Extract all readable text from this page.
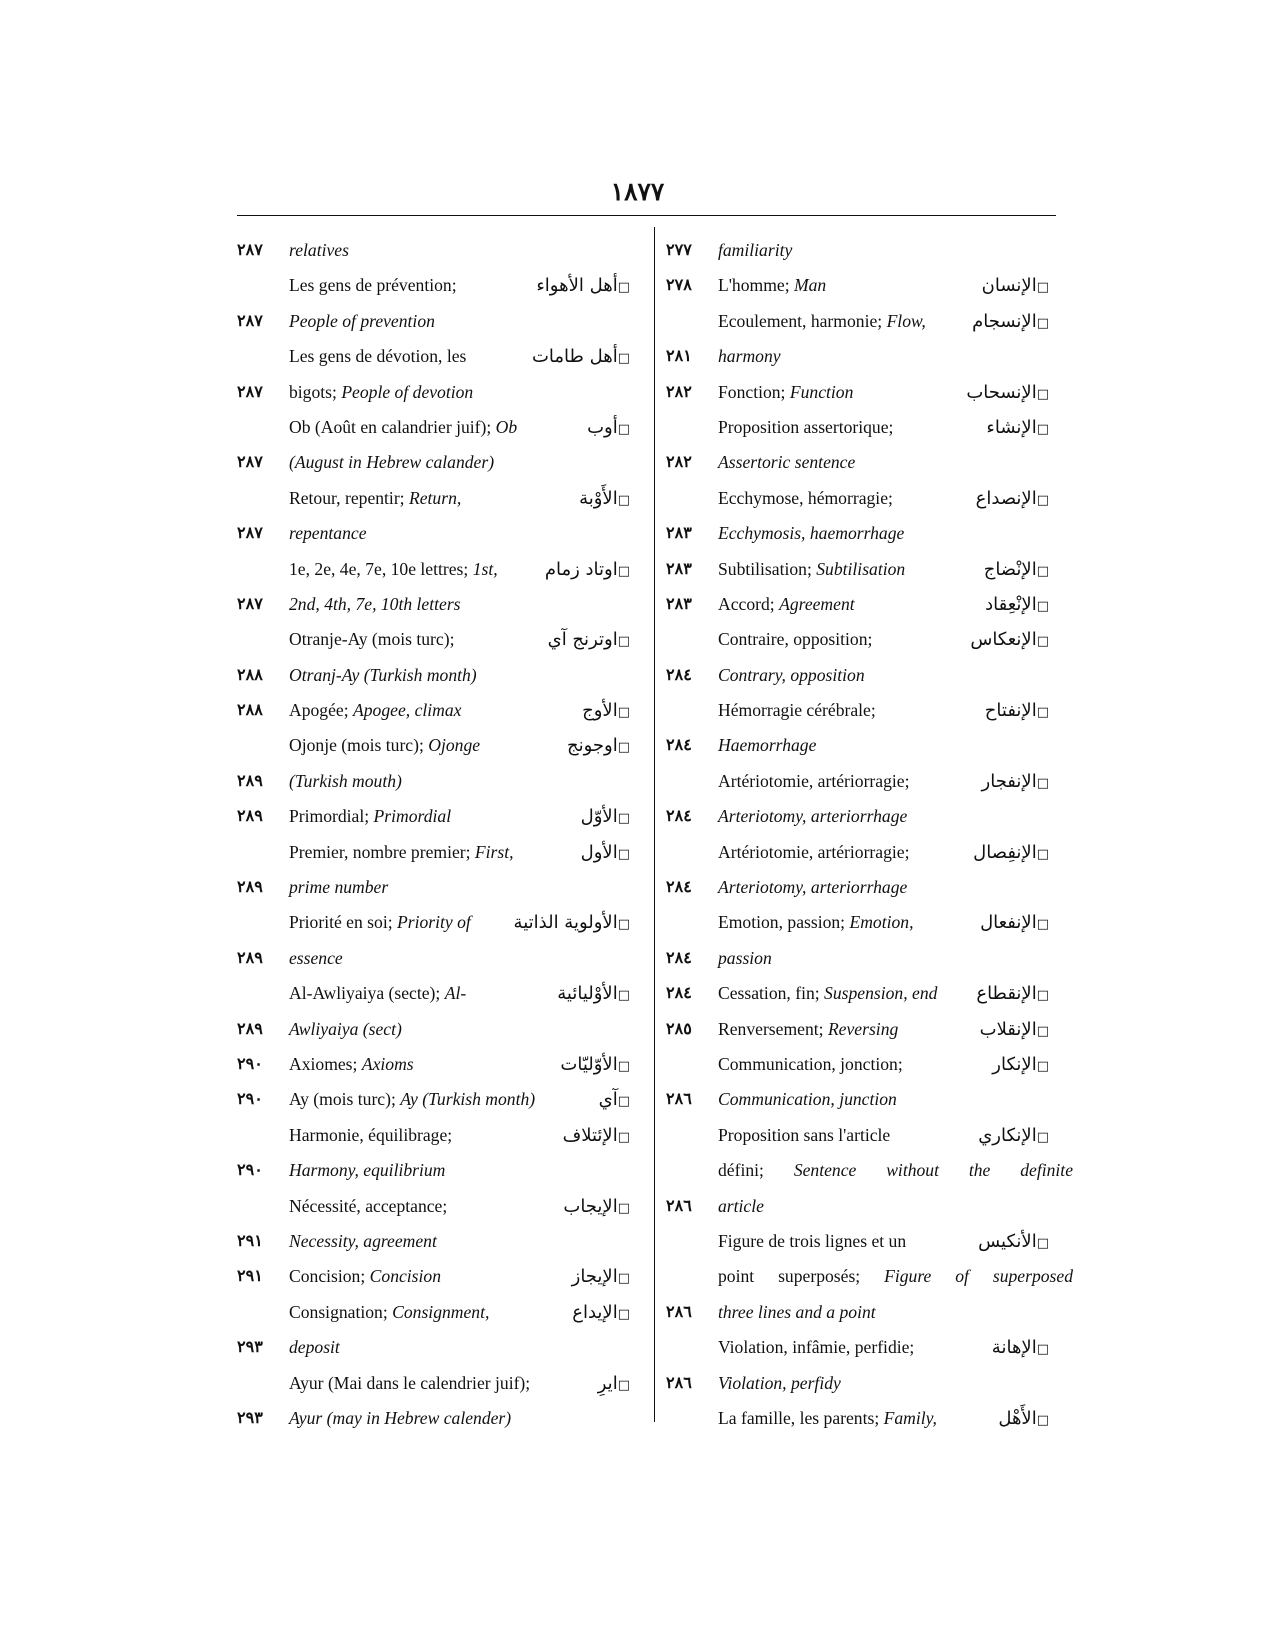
١٨٧٧
٢٨٧	relatives
Les gens de prévention;	□أهل الأهواء
٢٨٧	People of prevention
Les gens de dévotion, les	□أهل طامات
٢٨٧	bigots; People of devotion
Ob (Août en calandrier juif); Ob	□أوب
٢٨٧	(August in Hebrew calander)
Retour, repentir; Return,	□الأَوْبة
٢٨٧	repentance
1e, 2e, 4e, 7e, 10e lettres; 1st,	□اوتاد زمام
٢٨٧	2nd, 4th, 7e, 10th letters
Otranje-Ay (mois turc);	□اوترنج آي
٢٨٨	Otranj-Ay (Turkish month)
٢٨٨	Apogée; Apogee, climax	□الأوج
Ojonje (mois turc); Ojonge	□اوجونج
٢٨٩	(Turkish mouth)
٢٨٩	Primordial; Primordial	□الأوّل
Premier, nombre premier; First,	□الأول
٢٨٩	prime number
Priorité en soi; Priority of	□الأولوية الذاتية
٢٨٩	essence
Al-Awliyaiya (secte); Al-	□الأوْليائية
٢٨٩	Awliyaiya (sect)
٢٩٠	Axiomes; Axioms	□الأوّليّات
٢٩٠	Ay (mois turc); Ay (Turkish month)	□آي
Harmonie, équilibrage;	□الإئتلاف
٢٩٠	Harmony, equilibrium
Nécessité, acceptance;	□الإيجاب
٢٩١	Necessity, agreement
٢٩١	Concision; Concision	□الإيجاز
Consignation; Consignment,	□الإيداع
٢٩٣	deposit
Ayur (Mai dans le calendrier juif);	□ايرِ
٢٩٣	Ayur (may in Hebrew calender)
٢٧٧	familiarity
٢٧٨	L'homme; Man	□الإنسان
Ecoulement, harmonie; Flow,	□الإنسجام
٢٨١	harmony
٢٨٢	Fonction; Function	□الإنسحاب
Proposition assertorique;	□الإنشاء
٢٨٢	Assertoric sentence
Ecchymose, hémorragie;	□الإنصداع
٢٨٣	Ecchymosis, haemorrhage
٢٨٣	Subtilisation; Subtilisation	□الإنْضاج
٢٨٣	Accord; Agreement	□الإنْعِقاد
Contraire, opposition;	□الإنعكاس
٢٨٤	Contrary, opposition
Hémorragie cérébrale;	□الإنفتاح
٢٨٤	Haemorrhage
Artériotomie, artériorragie;	□الإنفجار
٢٨٤	Arteriotomy, arteriorrhage
Artériotomie, artériorragie;	□الإنفِصال
٢٨٤	Arteriotomy, arteriorrhage
Emotion, passion; Emotion,	□الإنفعال
٢٨٤	passion
٢٨٤	Cessation, fin; Suspension, end	□الإنقطاع
٢٨٥	Renversement; Reversing	□الإنقلاب
Communication, jonction;	□الإنكار
٢٨٦	Communication, junction
Proposition sans l'article	□الإنكاري
défini; Sentence without the definite
٢٨٦	article
Figure de trois lignes et un	□الأنكيس
point superposés; Figure of superposed
٢٨٦	three lines and a point
Violation, infâmie, perfidie;	□الإهانة
٢٨٦	Violation, perfidy
La famille, les parents; Family,	□الأَهْل
